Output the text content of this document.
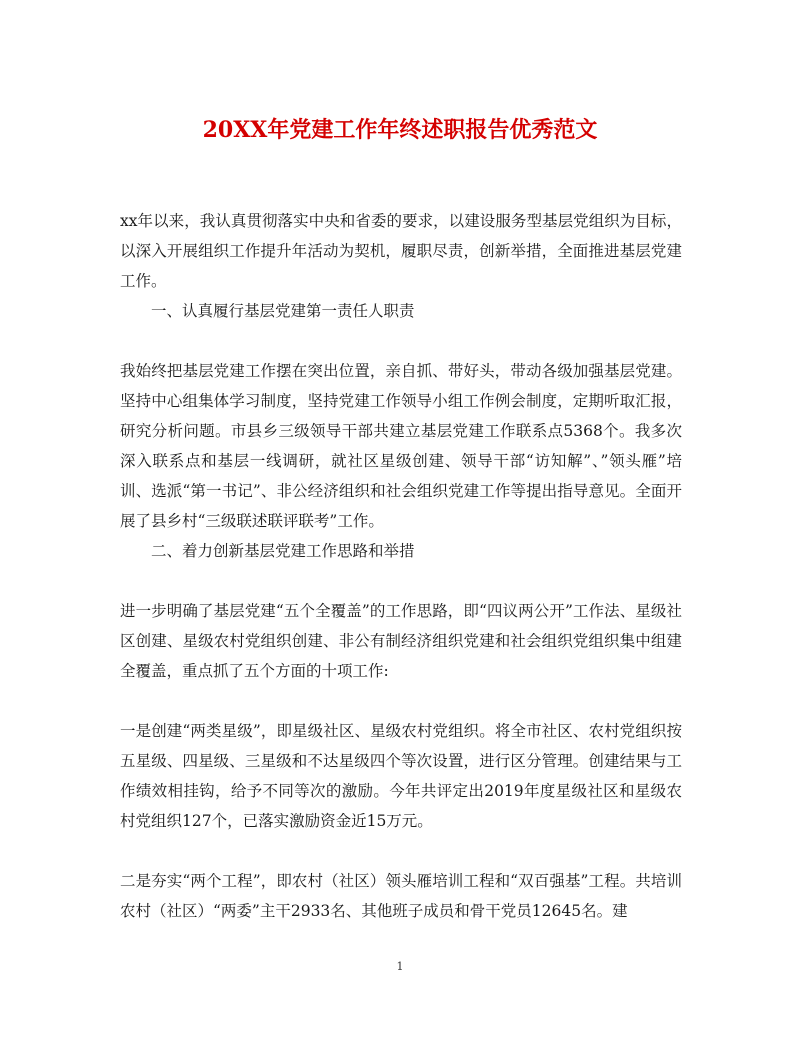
20XX年党建工作年终述职报告优秀范文

xx年以来，我认真贯彻落实中央和省委的要求，以建设服务型基层党组织为目标，以深入开展组织工作提升年活动为契机，履职尽责，创新举措，全面推进基层党建工作。

一、认真履行基层党建第一责任人职责

我始终把基层党建工作摆在突出位置，亲自抓、带好头，带动各级加强基层党建。坚持中心组集体学习制度，坚持党建工作领导小组工作例会制度，定期听取汇报，研究分析问题。市县乡三级领导干部共建立基层党建工作联系点5368个。我多次深入联系点和基层一线调研，就社区星级创建、领导干部“访知解”、”领头雁”培训、选派“第一书记”、非公经济组织和社会组织党建工作等提出指导意见。全面开展了县乡村“三级联述联评联考”工作。

二、着力创新基层党建工作思路和举措

进一步明确了基层党建“五个全覆盖”的工作思路，即“四议两公开”工作法、星级社区创建、星级农村党组织创建、非公有制经济组织党建和社会组织党组织集中组建全覆盖，重点抓了五个方面的十项工作:

一是创建“两类星级”，即星级社区、星级农村党组织。将全市社区、农村党组织按五星级、四星级、三星级和不达星级四个等次设置，进行区分管理。创建结果与工作绩效相挂钩，给予不同等次的激励。今年共评定出2019年度星级社区和星级农村党组织127个，已落实激励资金近15万元。

二是夯实“两个工程”，即农村（社区）领头雁培训工程和“双百强基”工程。共培训农村（社区）“两委”主干2933名、其他班子成员和骨干党员12645名。建

1
